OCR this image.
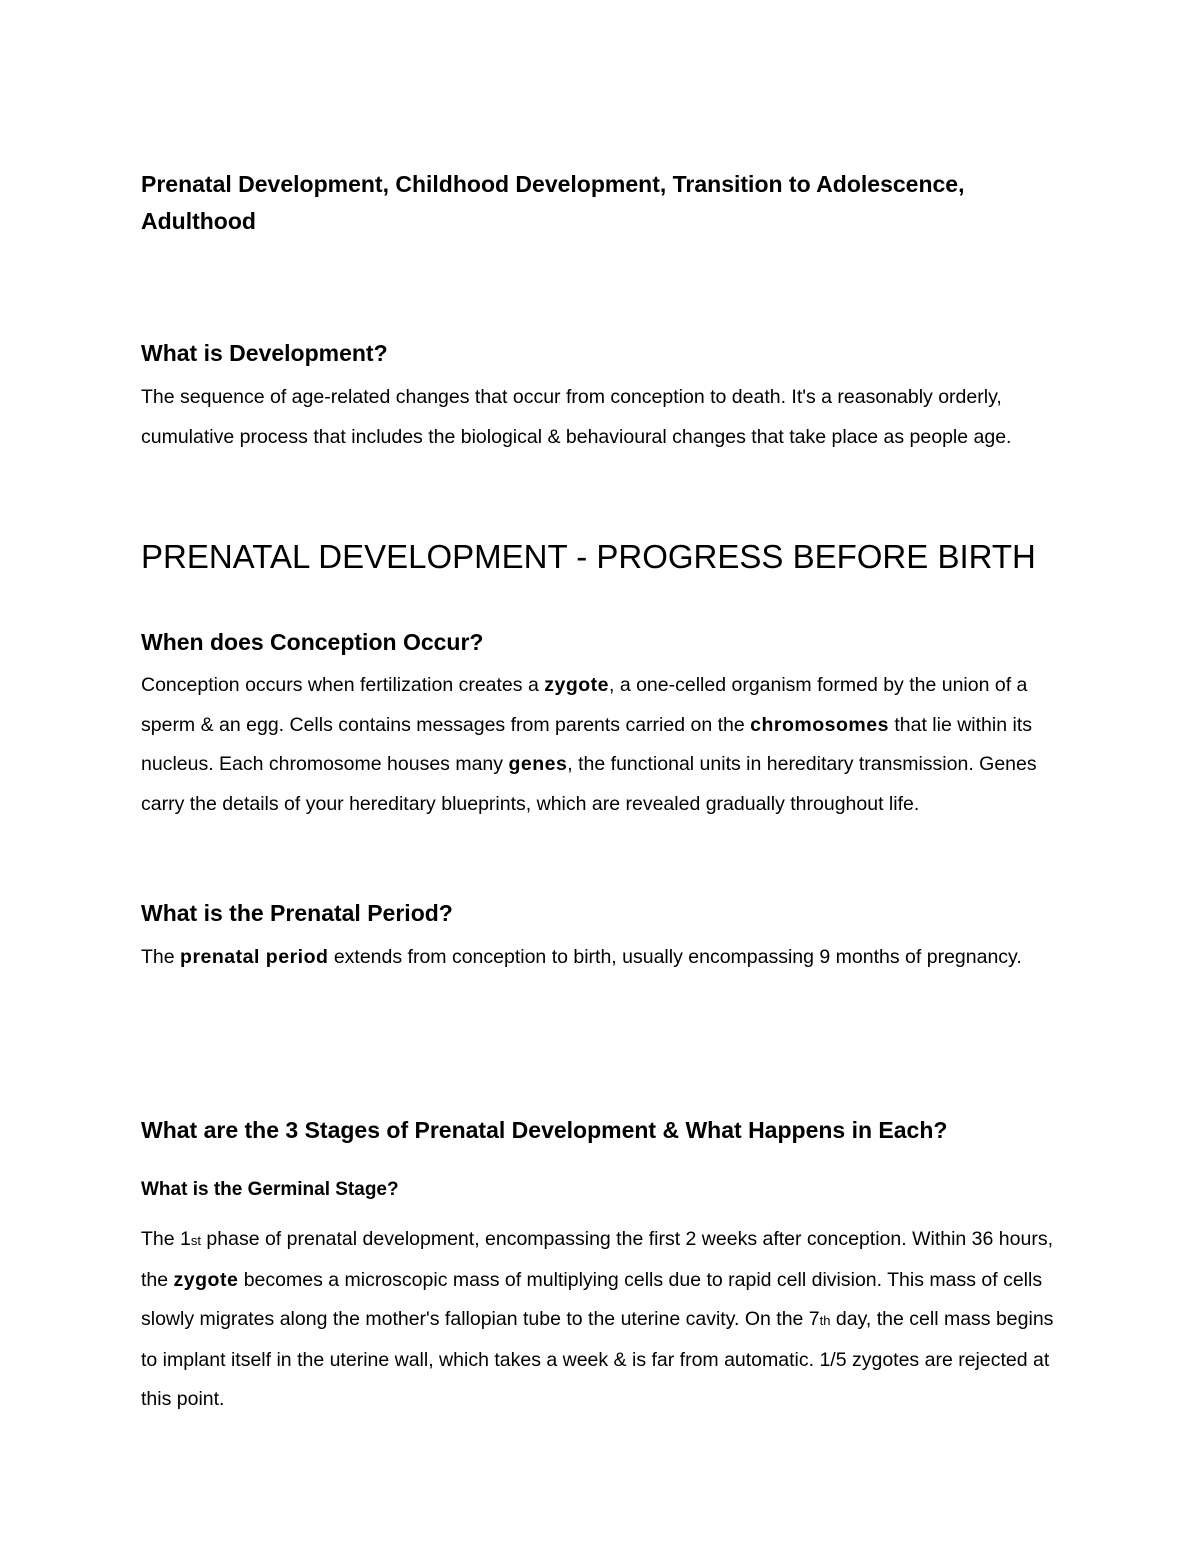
Prenatal Development, Childhood Development, Transition to Adolescence, Adulthood
What is Development?

The sequence of age-related changes that occur from conception to death. It's a reasonably orderly, cumulative process that includes the biological & behavioural changes that take place as people age.

PRENATAL DEVELOPMENT - PROGRESS BEFORE BIRTH
When does Conception Occur?

Conception occurs when fertilization creates a zygote, a one-celled organism formed by the union of a sperm & an egg. Cells contains messages from parents carried on the chromosomes that lie within its nucleus. Each chromosome houses many genes, the functional units in hereditary transmission. Genes carry the details of your hereditary blueprints, which are revealed gradually throughout life.

What is the Prenatal Period?

The prenatal period extends from conception to birth, usually encompassing 9 months of pregnancy.

What are the 3 Stages of Prenatal Development & What Happens in Each?
What is the Germinal Stage?

The 1st phase of prenatal development, encompassing the first 2 weeks after conception. Within 36 hours, the zygote becomes a microscopic mass of multiplying cells due to rapid cell division. This mass of cells slowly migrates along the mother's fallopian tube to the uterine cavity. On the 7th day, the cell mass begins to implant itself in the uterine wall, which takes a week & is far from automatic. 1/5 zygotes are rejected at this point.
